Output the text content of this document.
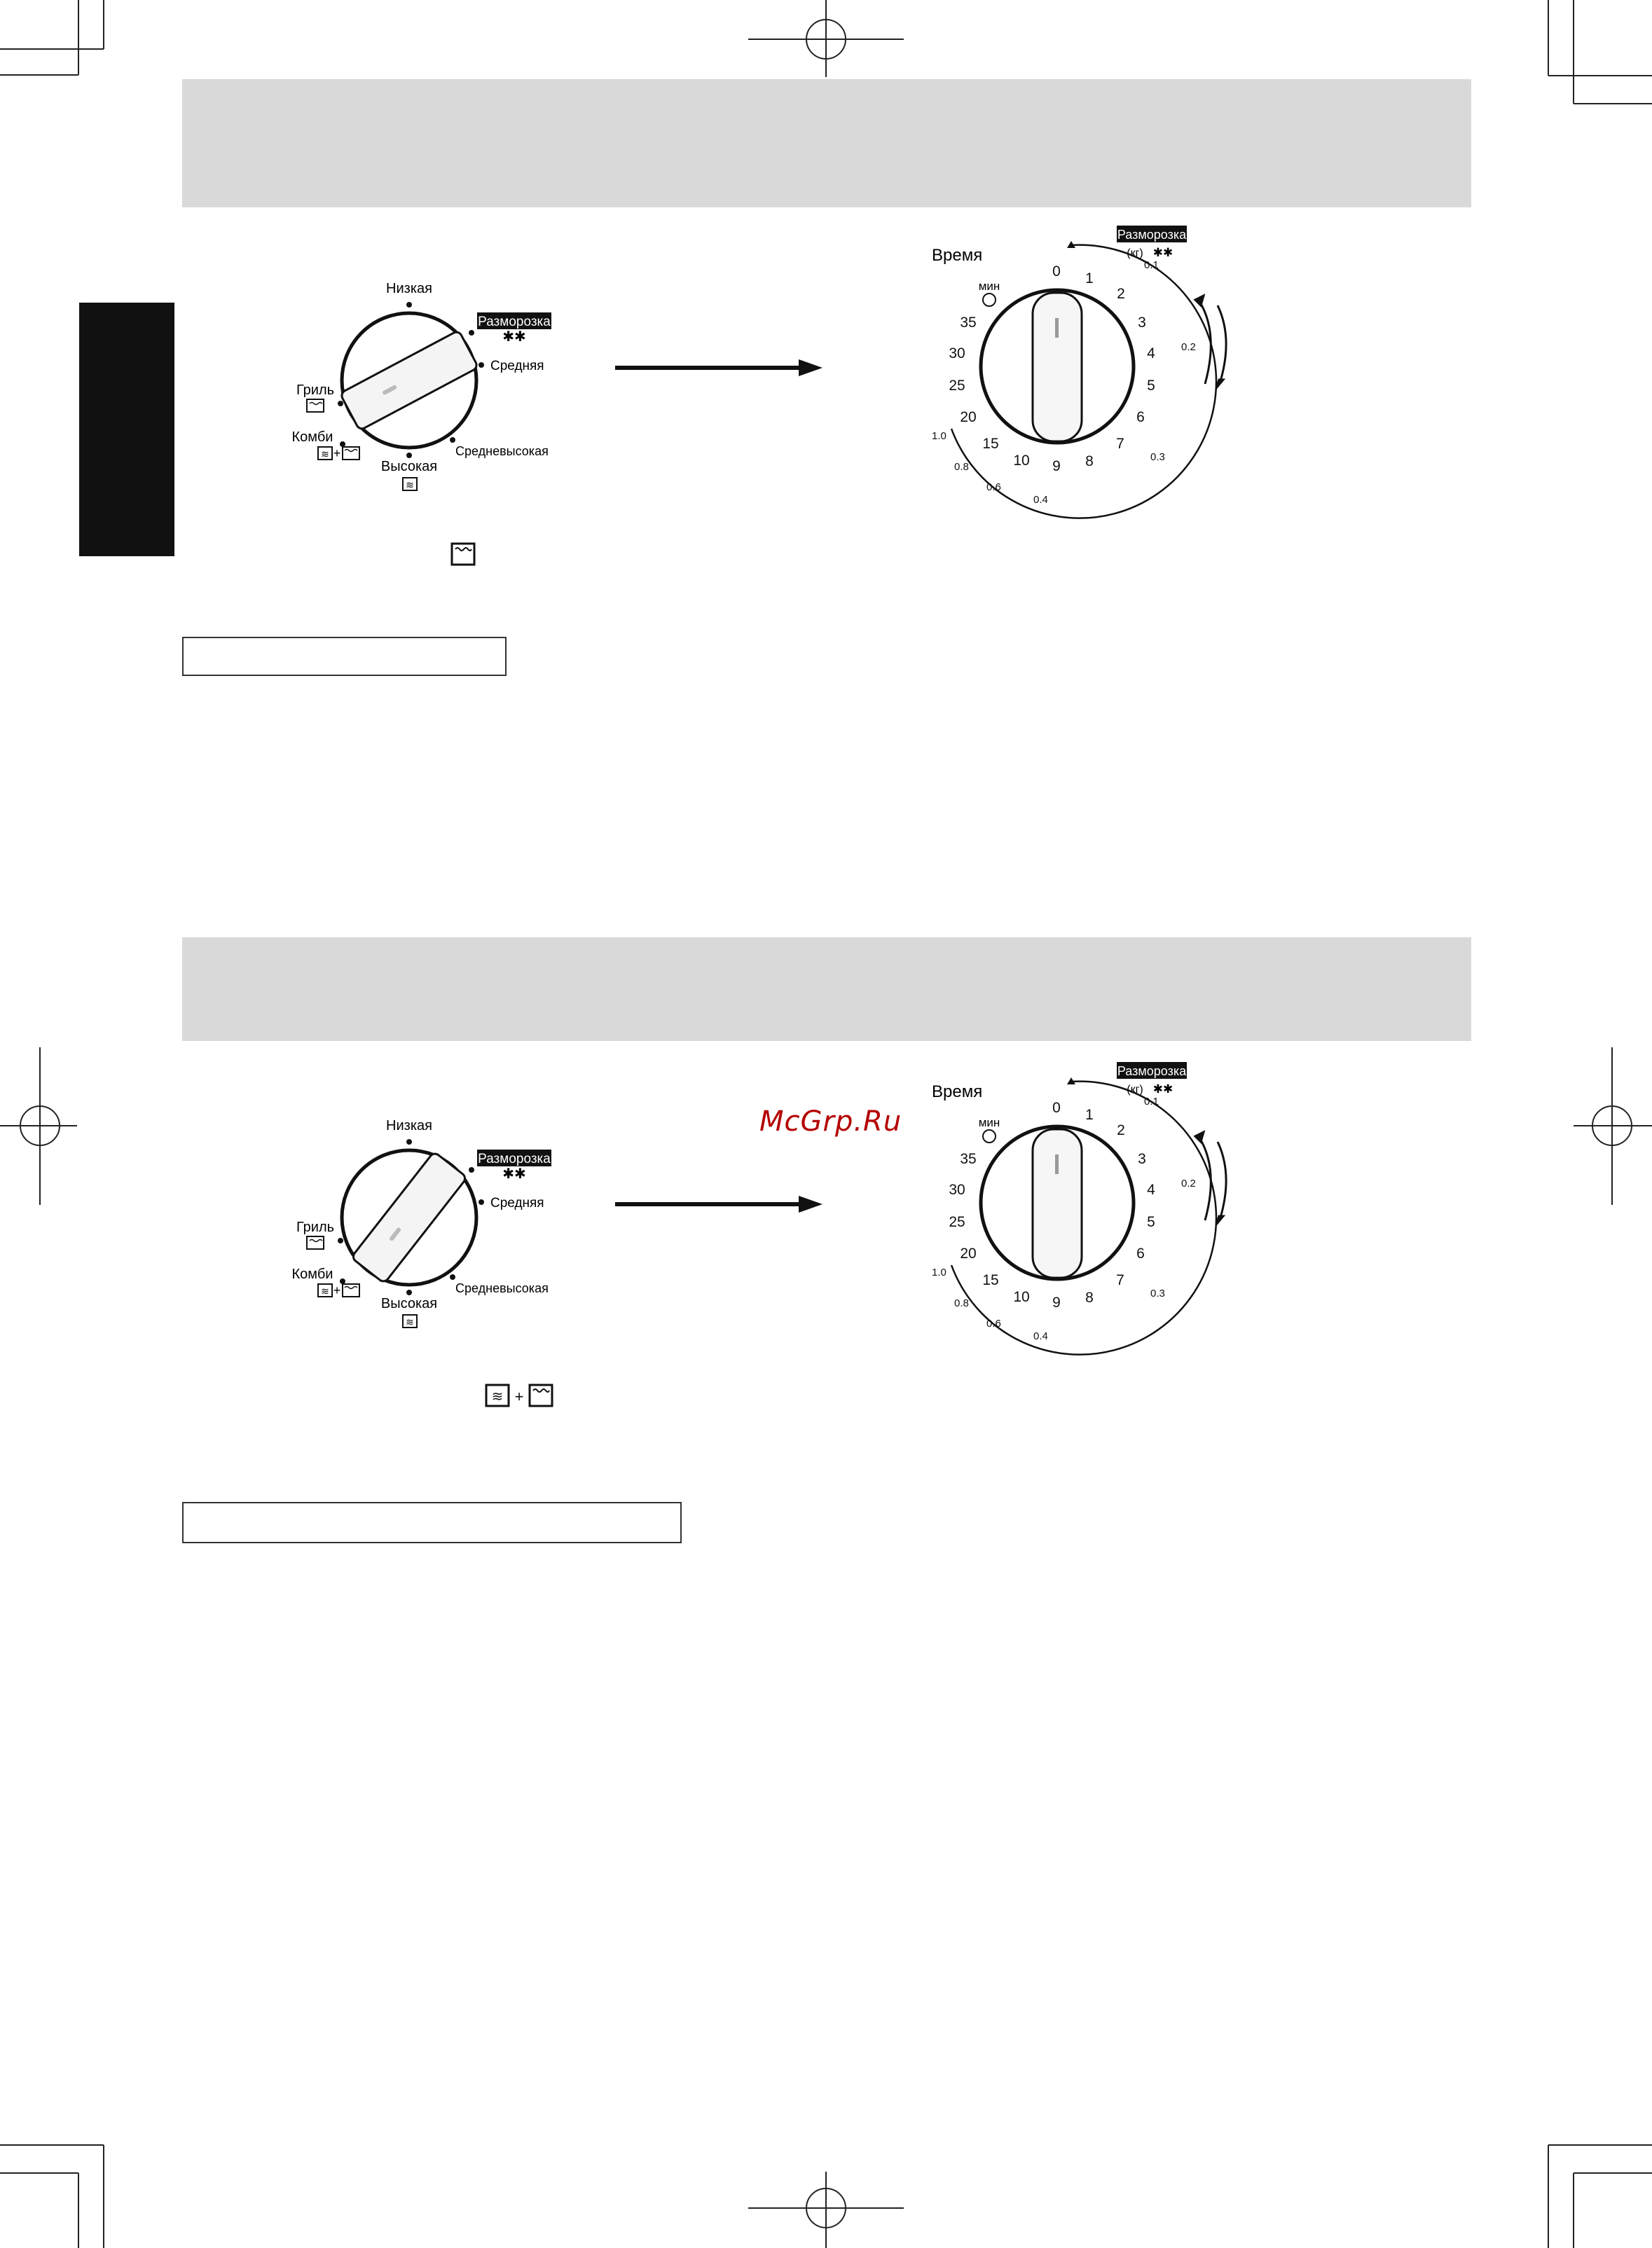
McGrp.Ru
Низкая
Разморозка
✱✱
Средняя
Средневысокая
Высокая
≋
Гриль
Комби
≋ +
Время
Разморозка
(кг) ✱✱
мин
0 1
2
3
4
5
6
7
8
9
10
15
20
25
30
35
0.1
0.2
0.3
0.4
0.6
0.8
1.0
Низкая
Разморозка
✱✱
Средняя
Средневысокая
Высокая
≋
Гриль
Комби
≋ +
Время
Разморозка
(кг) ✱✱
мин
0 1
2
3
4
5
6
7
8
9
10
15
20
25
30
35
0.1
0.2
0.3
0.4
0.6
0.8
1.0
≋ +
